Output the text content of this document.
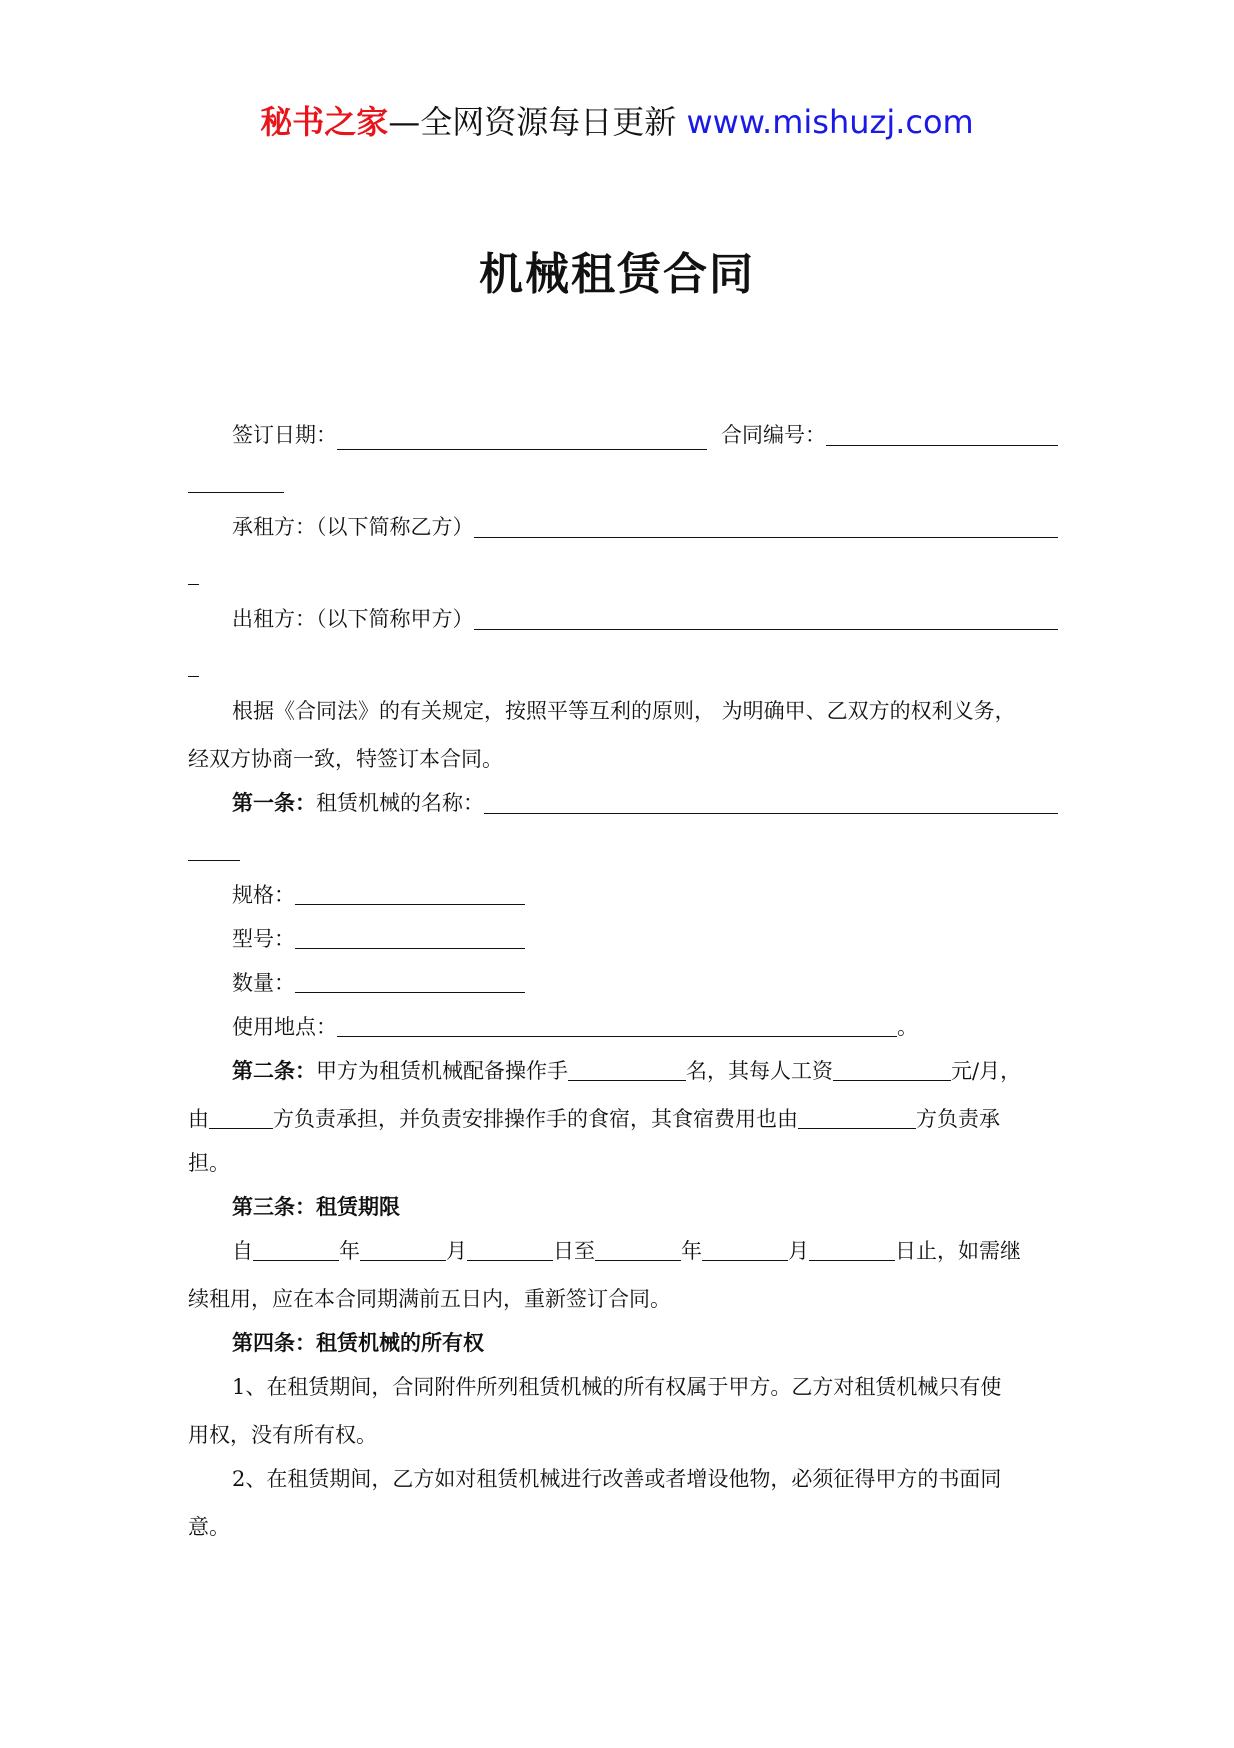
秘书之家—全网资源每日更新 www.mishuzj.com
机械租赁合同
签订日期：	合同编号：
承租方：（以下简称乙方）
出租方：（以下简称甲方）
根据《合同法》的有关规定，按照平等互利的原则， 为明确甲、乙双方的权利义务，
经双方协商一致，特签订本合同。
第一条： 租赁机械的名称：
规格：
型号：
数量：
使用地点：	。
第二条：甲方为租赁机械配备操作手	名，其每人工资	元/月，
由	方负责承担，并负责安排操作手的食宿，其食宿费用也由	方负责承
担。
第三条：租赁期限
自	年	月	日至	年	月	日止，如需继
续租用，应在本合同期满前五日内，重新签订合同。
第四条：租赁机械的所有权
1、在租赁期间，合同附件所列租赁机械的所有权属于甲方。乙方对租赁机械只有使
用权，没有所有权。
2、在租赁期间，乙方如对租赁机械进行改善或者增设他物，必须征得甲方的书面同
意。
